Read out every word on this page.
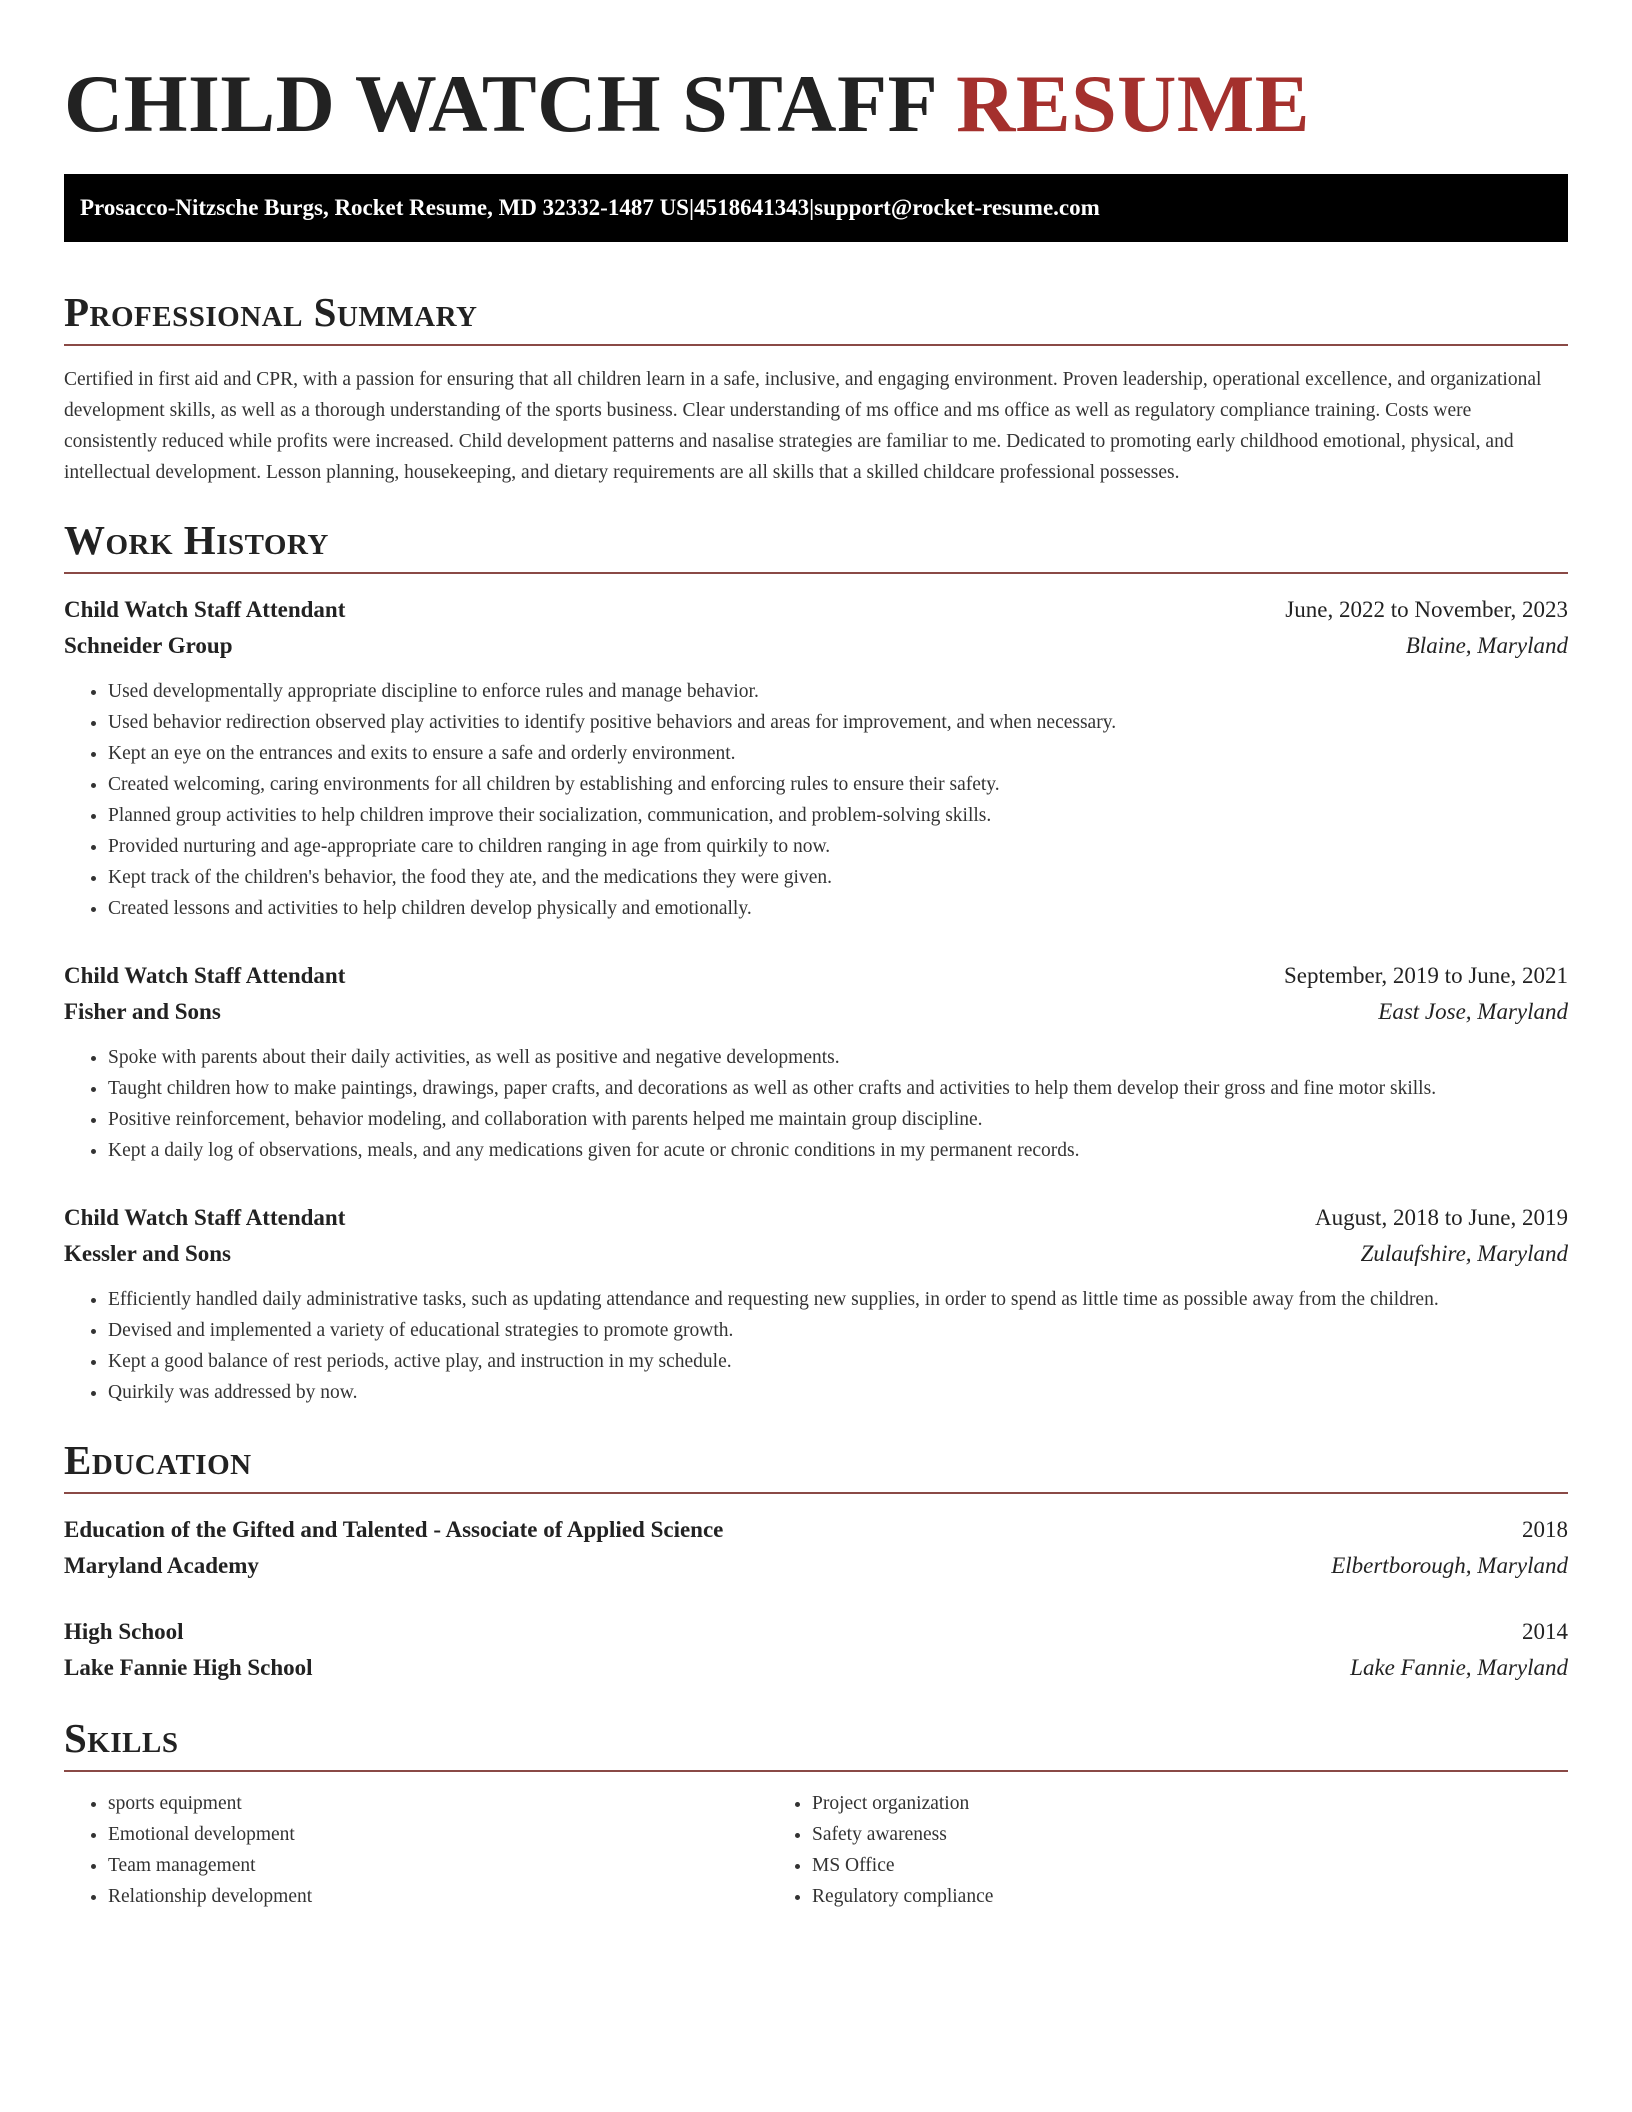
CHILD WATCH STAFF RESUME
Prosacco-Nitzsche Burgs, Rocket Resume, MD 32332-1487 US | 4518641343 | support@rocket-resume.com
Professional Summary

Certified in first aid and CPR, with a passion for ensuring that all children learn in a safe, inclusive, and engaging environment. Proven leadership, operational excellence, and organizational development skills, as well as a thorough understanding of the sports business. Clear understanding of ms office and ms office as well as regulatory compliance training. Costs were consistently reduced while profits were increased. Child development patterns and nasalise strategies are familiar to me. Dedicated to promoting early childhood emotional, physical, and intellectual development. Lesson planning, housekeeping, and dietary requirements are all skills that a skilled childcare professional possesses.

Work History
Child Watch Staff Attendant	June, 2022 to November, 2023
Schneider Group	Blaine, Maryland
• Used developmentally appropriate discipline to enforce rules and manage behavior.
• Used behavior redirection observed play activities to identify positive behaviors and areas for improvement, and when necessary.
• Kept an eye on the entrances and exits to ensure a safe and orderly environment.
• Created welcoming, caring environments for all children by establishing and enforcing rules to ensure their safety.
• Planned group activities to help children improve their socialization, communication, and problem-solving skills.
• Provided nurturing and age-appropriate care to children ranging in age from quirkily to now.
• Kept track of the children's behavior, the food they ate, and the medications they were given.
• Created lessons and activities to help children develop physically and emotionally.
Child Watch Staff Attendant	September, 2019 to June, 2021
Fisher and Sons	East Jose, Maryland
• Spoke with parents about their daily activities, as well as positive and negative developments.
• Taught children how to make paintings, drawings, paper crafts, and decorations as well as other crafts and activities to help them develop their gross and fine motor skills.
• Positive reinforcement, behavior modeling, and collaboration with parents helped me maintain group discipline.
• Kept a daily log of observations, meals, and any medications given for acute or chronic conditions in my permanent records.
Child Watch Staff Attendant	August, 2018 to June, 2019
Kessler and Sons	Zulaufshire, Maryland
• Efficiently handled daily administrative tasks, such as updating attendance and requesting new supplies, in order to spend as little time as possible away from the children.
• Devised and implemented a variety of educational strategies to promote growth.
• Kept a good balance of rest periods, active play, and instruction in my schedule.
• Quirkily was addressed by now.
Education
Education of the Gifted and Talented - Associate of Applied Science	2018
Maryland Academy	Elbertborough, Maryland
High School	2014
Lake Fannie High School	Lake Fannie, Maryland
Skills
• sports equipment
• Emotional development
• Team management
• Relationship development
• Project organization
• Safety awareness
• MS Office
• Regulatory compliance
